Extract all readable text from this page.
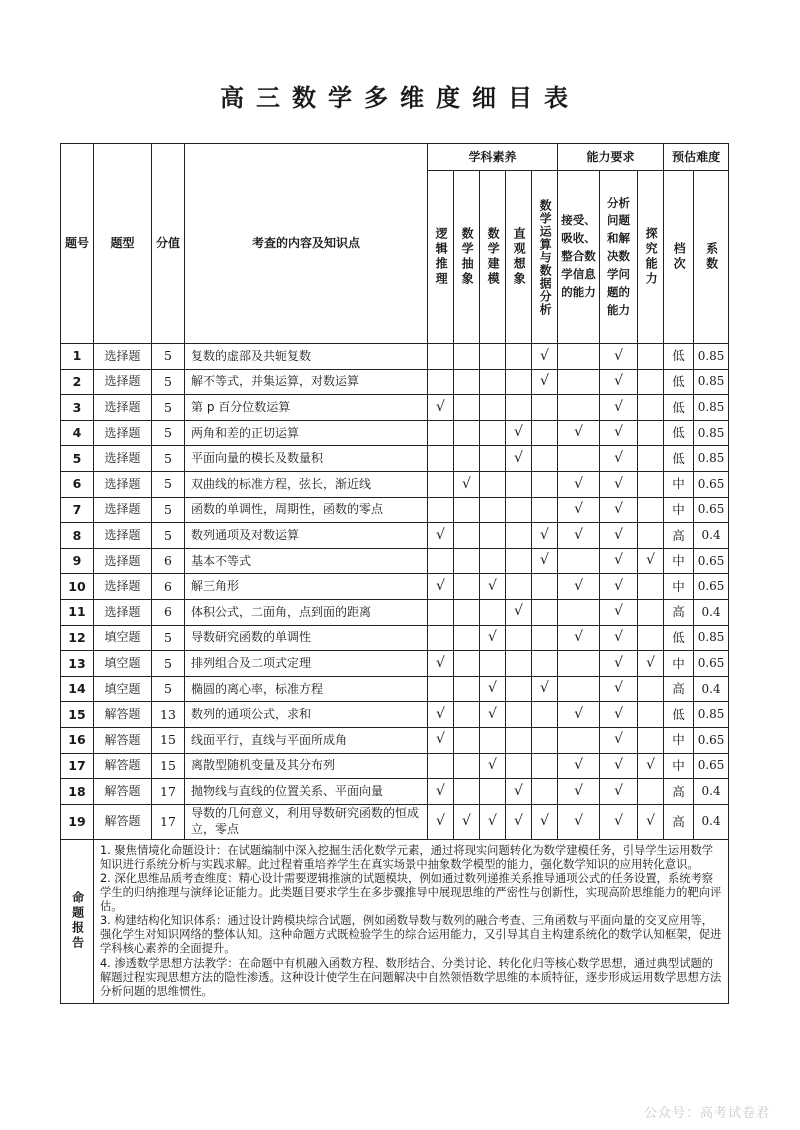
高三数学多维度细目表
题号	题型	分值	考查的内容及知识点	学科素养					能力要求			预估难度	

				逻辑推理	数学抽象	数学建模	直观想象	数学运算与数据分析	接受、吸收、整合数学信息的能力	分析问题和解决数学问题的能力	探究能力	档次	系数

1	选择题	5	复数的虚部及共轭复数					√		√		低	0.85
2	选择题	5	解不等式，并集运算，对数运算					√		√		低	0.85
3	选择题	5	第 p 百分位数运算	√						√		低	0.85
4	选择题	5	两角和差的正切运算				√		√	√		低	0.85
5	选择题	5	平面向量的模长及数量积				√			√		低	0.85
6	选择题	5	双曲线的标准方程，弦长，渐近线		√				√	√		中	0.65
7	选择题	5	函数的单调性，周期性，函数的零点						√	√		中	0.65
8	选择题	5	数列通项及对数运算	√				√	√	√		高	0.4
9	选择题	6	基本不等式					√		√	√	中	0.65
10	选择题	6	解三角形	√		√			√	√		中	0.65
11	选择题	6	体积公式，二面角，点到面的距离				√			√		高	0.4
12	填空题	5	导数研究函数的单调性			√			√	√		低	0.85
13	填空题	5	排列组合及二项式定理	√						√	√	中	0.65
14	填空题	5	椭圆的离心率，标准方程			√		√		√		高	0.4
15	解答题	13	数列的通项公式，求和	√		√			√	√		低	0.85
16	解答题	15	线面平行，直线与平面所成角	√						√		中	0.65
17	解答题	15	离散型随机变量及其分布列			√			√	√	√	中	0.65
18	解答题	17	抛物线与直线的位置关系、平面向量	√			√		√	√		高	0.4
19	解答题	17	导数的几何意义，利用导数研究函数的恒成立，零点	√	√	√	√	√	√	√	√	高	0.4

命题报告	1. 聚焦情境化命题设计：在试题编制中深入挖掘生活化数学元素，通过将现实问题转化为数学建模任务，引导学生运用数学知识进行系统分析与实践求解。此过程着重培养学生在真实场景中抽象数学模型的能力，强化数学知识的应用转化意识。

2. 深化思维品质考查维度：精心设计需要逻辑推演的试题模块，例如通过数列递推关系推导通项公式的任务设置，系统考察学生的归纳推理与演绎论证能力。此类题目要求学生在多步骤推导中展现思维的严密性与创新性，实现高阶思维能力的靶向评估。

3. 构建结构化知识体系：通过设计跨模块综合试题，例如函数导数与数列的融合考查、三角函数与平面向量的交叉应用等，强化学生对知识网络的整体认知。这种命题方式既检验学生的综合运用能力，又引导其自主构建系统化的数学认知框架，促进学科核心素养的全面提升。

4. 渗透数学思想方法教学：在命题中有机融入函数方程、数形结合、分类讨论、转化化归等核心数学思想，通过典型试题的解题过程实现思想方法的隐性渗透。这种设计使学生在问题解决中自然领悟数学思维的本质特征，逐步形成运用数学思想方法分析问题的思维惯性。												

公众号：高考试卷君
